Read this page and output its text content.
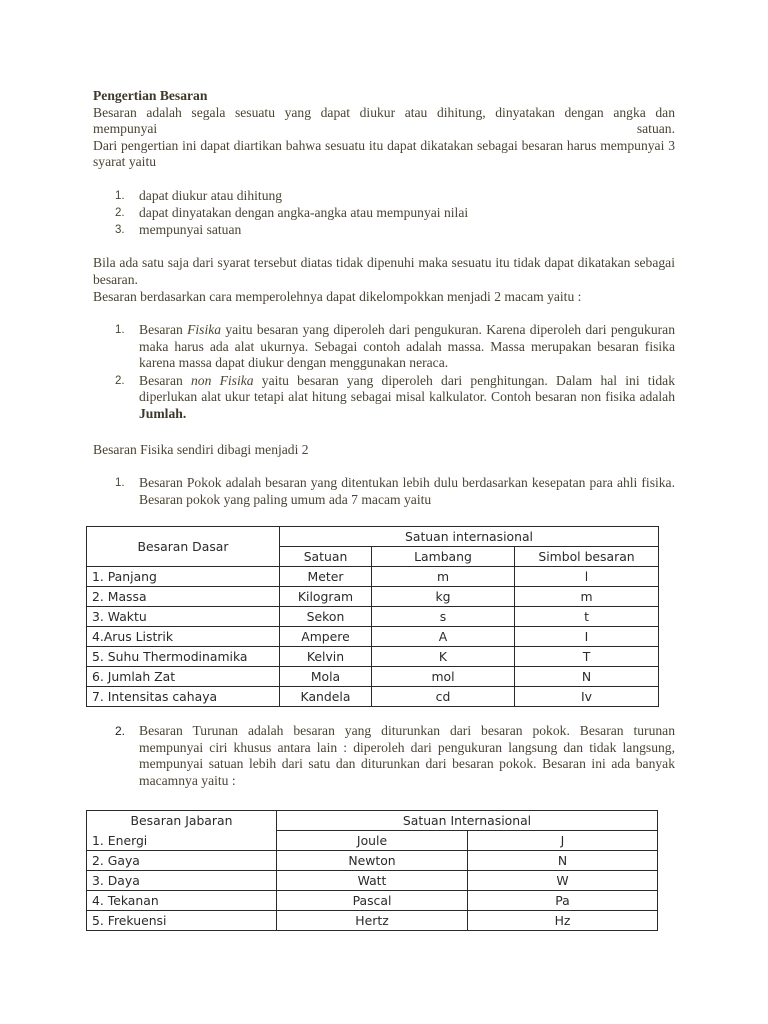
Pengertian Besaran
Besaran adalah segala sesuatu yang dapat diukur atau dihitung, dinyatakan dengan angka dan
mempunyai	satuan.
Dari pengertian ini dapat diartikan bahwa sesuatu itu dapat dikatakan sebagai besaran harus mempunyai 3 syarat yaitu
1. dapat diukur atau dihitung
2. dapat dinyatakan dengan angka-angka atau mempunyai nilai
3. mempunyai satuan
Bila ada satu saja dari syarat tersebut diatas tidak dipenuhi maka sesuatu itu tidak dapat dikatakan sebagai besaran.
Besaran berdasarkan cara memperolehnya dapat dikelompokkan menjadi 2 macam yaitu :
1. Besaran Fisika yaitu besaran yang diperoleh dari pengukuran. Karena diperoleh dari pengukuran maka harus ada alat ukurnya. Sebagai contoh adalah massa. Massa merupakan besaran fisika karena massa dapat diukur dengan menggunakan neraca.
2. Besaran non Fisika yaitu besaran yang diperoleh dari penghitungan. Dalam hal ini tidak diperlukan alat ukur tetapi alat hitung sebagai misal kalkulator. Contoh besaran non fisika adalah Jumlah.
Besaran Fisika sendiri dibagi menjadi 2
1. Besaran Pokok adalah besaran yang ditentukan lebih dulu berdasarkan kesepatan para ahli fisika. Besaran pokok yang paling umum ada 7 macam yaitu
Besaran Dasar	Satuan internasional		
	Satuan	Lambang	Simbol besaran
1. Panjang	Meter	m	l
2. Massa	Kilogram	kg	m
3. Waktu	Sekon	s	t
4.Arus Listrik	Ampere	A	I
5. Suhu Thermodinamika	Kelvin	K	T
6. Jumlah Zat	Mola	mol	N
7. Intensitas cahaya	Kandela	cd	Iv
2. Besaran Turunan adalah besaran yang diturunkan dari besaran pokok. Besaran turunan mempunyai ciri khusus antara lain : diperoleh dari pengukuran langsung dan tidak langsung, mempunyai satuan lebih dari satu dan diturunkan dari besaran pokok. Besaran ini ada banyak macamnya yaitu :
Besaran Jabaran	Satuan Internasional	
1. Energi	Joule	J
2. Gaya	Newton	N
3. Daya	Watt	W
4. Tekanan	Pascal	Pa
5. Frekuensi	Hertz	Hz
